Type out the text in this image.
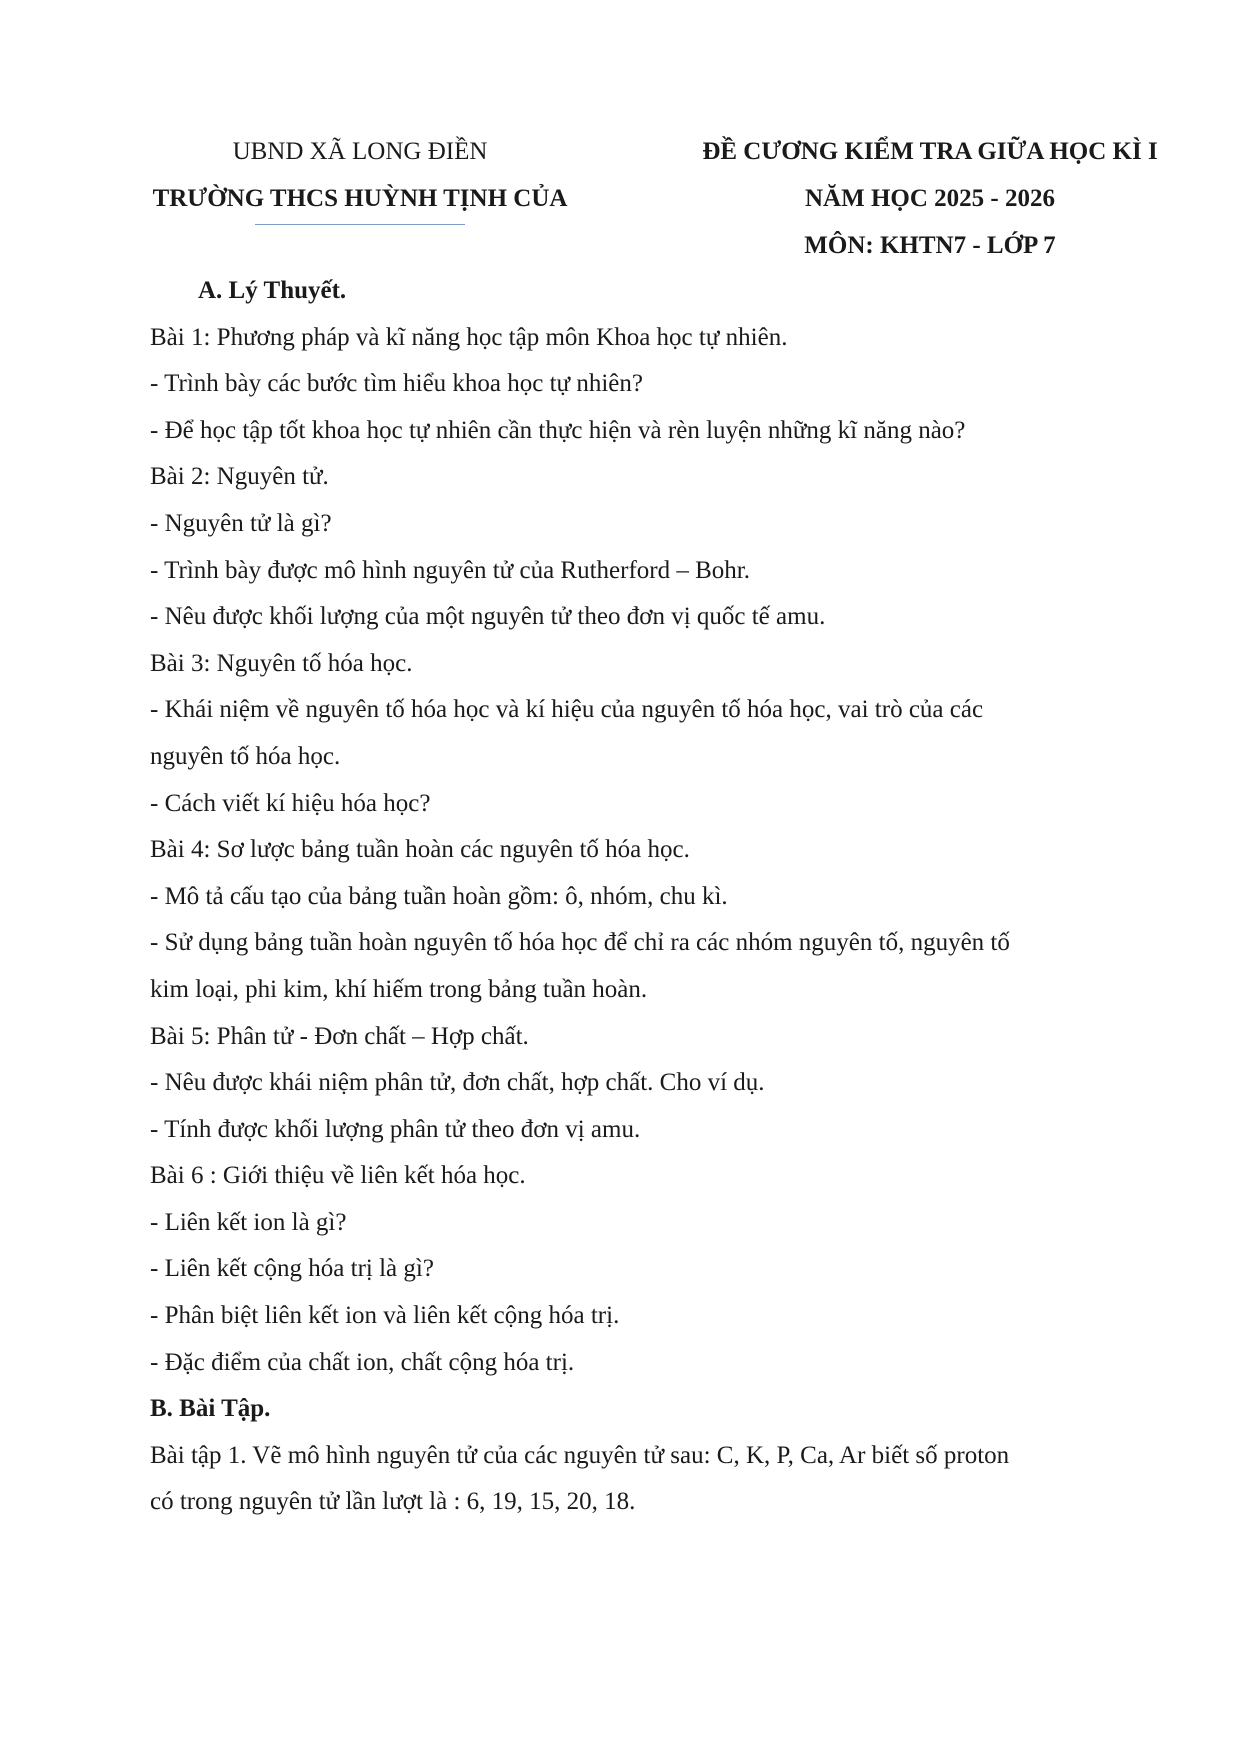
UBND XÃ LONG ĐIỀN
TRƯỜNG THCS HUỲNH TỊNH CỦA
ĐỀ CƯƠNG KIỂM TRA GIỮA HỌC KÌ I
NĂM HỌC 2025 - 2026
MÔN: KHTN7 - LỚP 7
A. Lý Thuyết.
Bài 1: Phương pháp và kĩ năng học tập môn Khoa học tự nhiên.
- Trình bày các bước tìm hiểu khoa học tự nhiên?
- Để học tập tốt khoa học tự nhiên cần thực hiện và rèn luyện những kĩ năng nào?
Bài 2: Nguyên tử.
- Nguyên tử là gì?
- Trình bày được mô hình nguyên tử của Rutherford – Bohr.
- Nêu được khối lượng của một nguyên tử theo đơn vị quốc tế amu.
Bài 3: Nguyên tố hóa học.
- Khái niệm về nguyên tố hóa học và kí hiệu của nguyên tố hóa học, vai trò của các
nguyên tố hóa học.
- Cách viết kí hiệu hóa học?
Bài 4: Sơ lược bảng tuần hoàn các nguyên tố hóa học.
- Mô tả cấu tạo của bảng tuần hoàn gồm: ô, nhóm, chu kì.
- Sử dụng bảng tuần hoàn nguyên tố hóa học để chỉ ra các nhóm nguyên tố, nguyên tố
kim loại, phi kim, khí hiếm trong bảng tuần hoàn.
Bài 5: Phân tử - Đơn chất – Hợp chất.
- Nêu được khái niệm phân tử, đơn chất, hợp chất. Cho ví dụ.
- Tính được khối lượng phân tử theo đơn vị amu.
Bài 6 : Giới thiệu về liên kết hóa học.
- Liên kết ion là gì?
- Liên kết cộng hóa trị là gì?
- Phân biệt liên kết ion và liên kết cộng hóa trị.
- Đặc điểm của chất ion, chất cộng hóa trị.
B. Bài Tập.
Bài tập 1. Vẽ mô hình nguyên tử của các nguyên tử sau: C, K, P, Ca, Ar biết số proton
có trong nguyên tử lần lượt là : 6, 19, 15, 20, 18.
